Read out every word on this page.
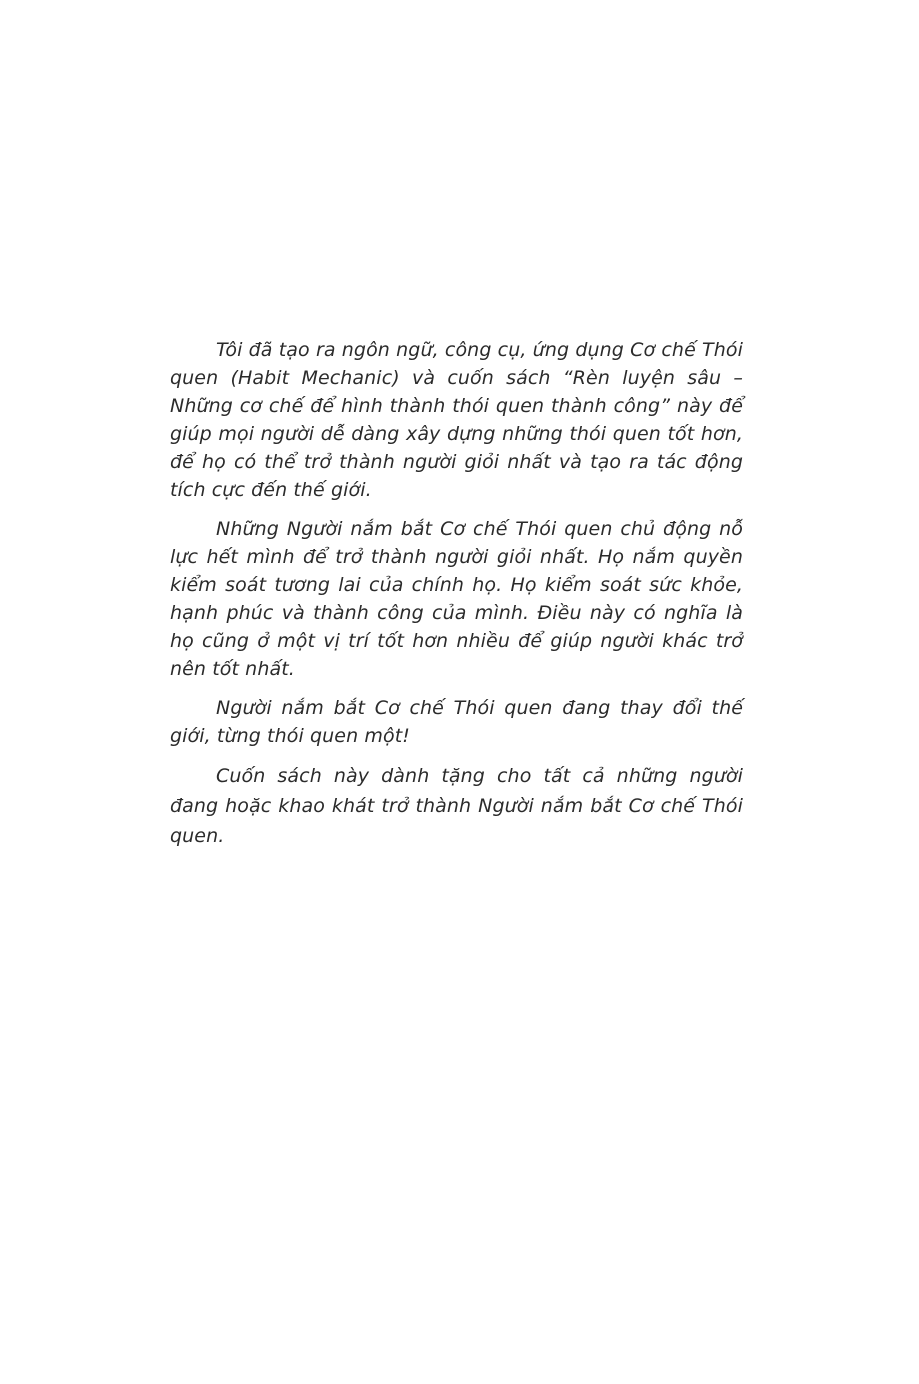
Tôi đã tạo ra ngôn ngữ, công cụ, ứng dụng Cơ chế Thói quen (Habit Mechanic) và cuốn sách “Rèn luyện sâu – Những cơ chế để hình thành thói quen thành công” này để giúp mọi người dễ dàng xây dựng những thói quen tốt hơn, để họ có thể trở thành người giỏi nhất và tạo ra tác động tích cực đến thế giới.

Những Người nắm bắt Cơ chế Thói quen chủ động nỗ lực hết mình để trở thành người giỏi nhất. Họ nắm quyền kiểm soát tương lai của chính họ. Họ kiểm soát sức khỏe, hạnh phúc và thành công của mình. Điều này có nghĩa là họ cũng ở một vị trí tốt hơn nhiều để giúp người khác trở nên tốt nhất.

Người nắm bắt Cơ chế Thói quen đang thay đổi thế giới, từng thói quen một!

Cuốn sách này dành tặng cho tất cả những người đang hoặc khao khát trở thành Người nắm bắt Cơ chế Thói quen.
